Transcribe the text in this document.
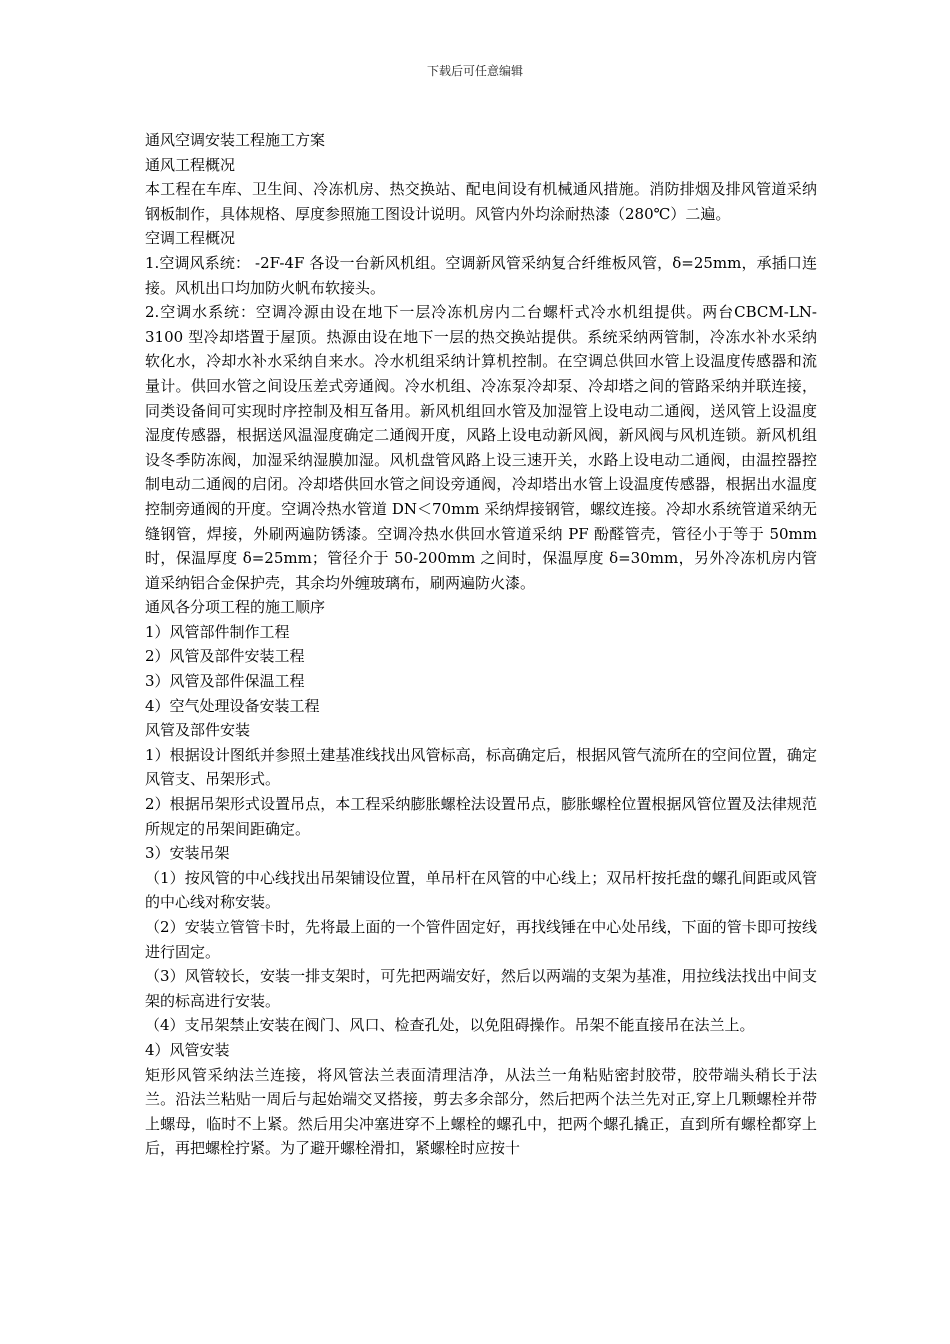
下载后可任意编辑

通风空调安装工程施工方案

通风工程概况

本工程在车库、卫生间、冷冻机房、热交换站、配电间设有机械通风措施。消防排烟及排风管道采纳钢板制作，具体规格、厚度参照施工图设计说明。风管内外均涂耐热漆（280℃）二遍。

空调工程概况

1.空调风系统： -2F-4F 各设一台新风机组。空调新风管采纳复合纤维板风管，δ=25mm，承插口连接。风机出口均加防火帆布软接头。

2.空调水系统：空调冷源由设在地下一层冷冻机房内二台螺杆式冷水机组提供。两台CBCM-LN-3100 型冷却塔置于屋顶。热源由设在地下一层的热交换站提供。系统采纳两管制，冷冻水补水采纳软化水，冷却水补水采纳自来水。冷水机组采纳计算机控制。在空调总供回水管上设温度传感器和流量计。供回水管之间设压差式旁通阀。冷水机组、冷冻泵冷却泵、冷却塔之间的管路采纳并联连接，同类设备间可实现时序控制及相互备用。新风机组回水管及加湿管上设电动二通阀，送风管上设温度湿度传感器，根据送风温湿度确定二通阀开度，风路上设电动新风阀，新风阀与风机连锁。新风机组设冬季防冻阀，加湿采纳湿膜加湿。风机盘管风路上设三速开关，水路上设电动二通阀，由温控器控制电动二通阀的启闭。冷却塔供回水管之间设旁通阀，冷却塔出水管上设温度传感器，根据出水温度控制旁通阀的开度。空调冷热水管道 DN＜70mm 采纳焊接钢管，螺纹连接。冷却水系统管道采纳无缝钢管，焊接，外刷两遍防锈漆。空调冷热水供回水管道采纳 PF 酚醛管壳，管径小于等于 50mm 时，保温厚度 δ=25mm；管径介于 50-200mm 之间时，保温厚度 δ=30mm，另外冷冻机房内管道采纳铝合金保护壳，其余均外缠玻璃布，刷两遍防火漆。

通风各分项工程的施工顺序

1）风管部件制作工程

2）风管及部件安装工程

3）风管及部件保温工程

4）空气处理设备安装工程

风管及部件安装

1）根据设计图纸并参照土建基准线找出风管标高，标高确定后，根据风管气流所在的空间位置，确定风管支、吊架形式。

2）根据吊架形式设置吊点，本工程采纳膨胀螺栓法设置吊点，膨胀螺栓位置根据风管位置及法律规范所规定的吊架间距确定。

3）安装吊架

（1）按风管的中心线找出吊架铺设位置，单吊杆在风管的中心线上；双吊杆按托盘的螺孔间距或风管的中心线对称安装。

（2）安装立管管卡时，先将最上面的一个管件固定好，再找线锤在中心处吊线，下面的管卡即可按线进行固定。

（3）风管较长，安装一排支架时，可先把两端安好，然后以两端的支架为基准，用拉线法找出中间支架的标高进行安装。

（4）支吊架禁止安装在阀门、风口、检查孔处，以免阻碍操作。吊架不能直接吊在法兰上。

4）风管安装

矩形风管采纳法兰连接，将风管法兰表面清理洁净，从法兰一角粘贴密封胶带，胶带端头稍长于法兰。沿法兰粘贴一周后与起始端交叉搭接，剪去多余部分，然后把两个法兰先对正,穿上几颗螺栓并带上螺母，临时不上紧。然后用尖冲塞进穿不上螺栓的螺孔中，把两个螺孔撬正，直到所有螺栓都穿上后，再把螺栓拧紧。为了避开螺栓滑扣，紧螺栓时应按十
